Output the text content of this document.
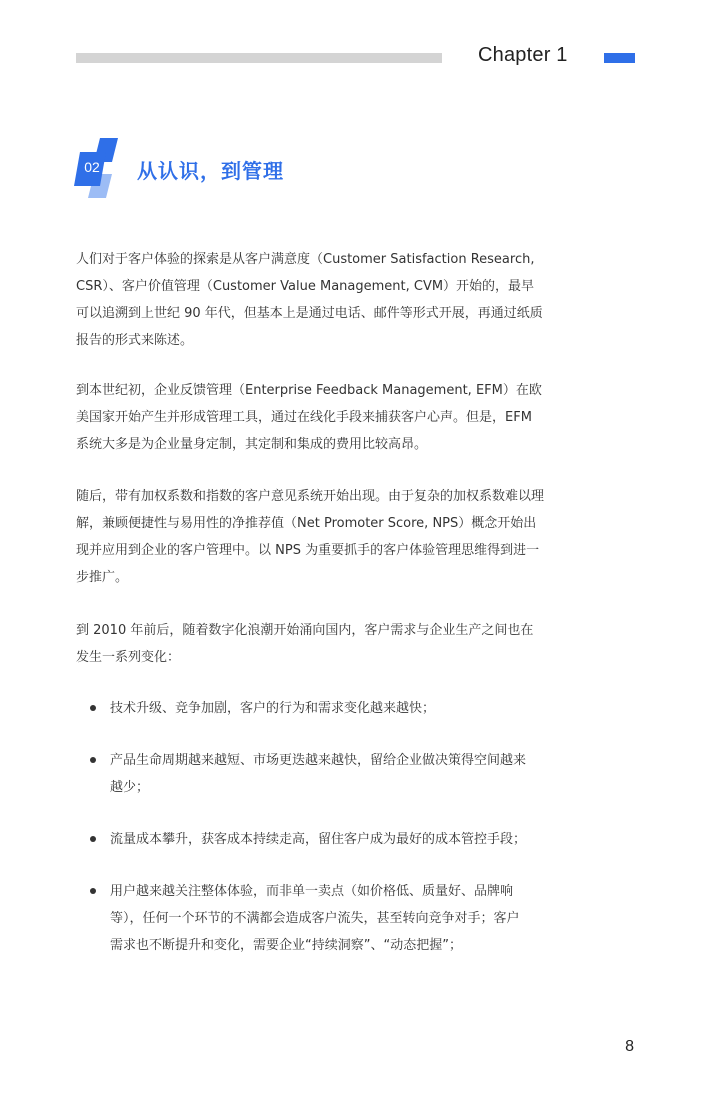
Chapter 1
02 从认识，到管理

人们对于客户体验的探索是从客户满意度（Customer Satisfaction Research, CSR）、客户价值管理（Customer Value Management, CVM）开始的，最早可以追溯到上世纪 90 年代，但基本上是通过电话、邮件等形式开展，再通过纸质报告的形式来陈述。

到本世纪初，企业反馈管理（Enterprise Feedback Management, EFM）在欧美国家开始产生并形成管理工具，通过在线化手段来捕获客户心声。但是，EFM 系统大多是为企业量身定制，其定制和集成的费用比较高昂。

随后，带有加权系数和指数的客户意见系统开始出现。由于复杂的加权系数难以理解，兼顾便捷性与易用性的净推荐值（Net Promoter Score, NPS）概念开始出现并应用到企业的客户管理中。以 NPS 为重要抓手的客户体验管理思维得到进一步推广。

到 2010 年前后，随着数字化浪潮开始涌向国内，客户需求与企业生产之间也在发生一系列变化：

技术升级、竞争加剧，客户的行为和需求变化越来越快；

产品生命周期越来越短、市场更迭越来越快，留给企业做决策得空间越来越少；

流量成本攀升，获客成本持续走高，留住客户成为最好的成本管控手段；

用户越来越关注整体体验，而非单一卖点（如价格低、质量好、品牌响等），任何一个环节的不满都会造成客户流失，甚至转向竞争对手；客户需求也不断提升和变化，需要企业“持续洞察”、“动态把握”；

8
